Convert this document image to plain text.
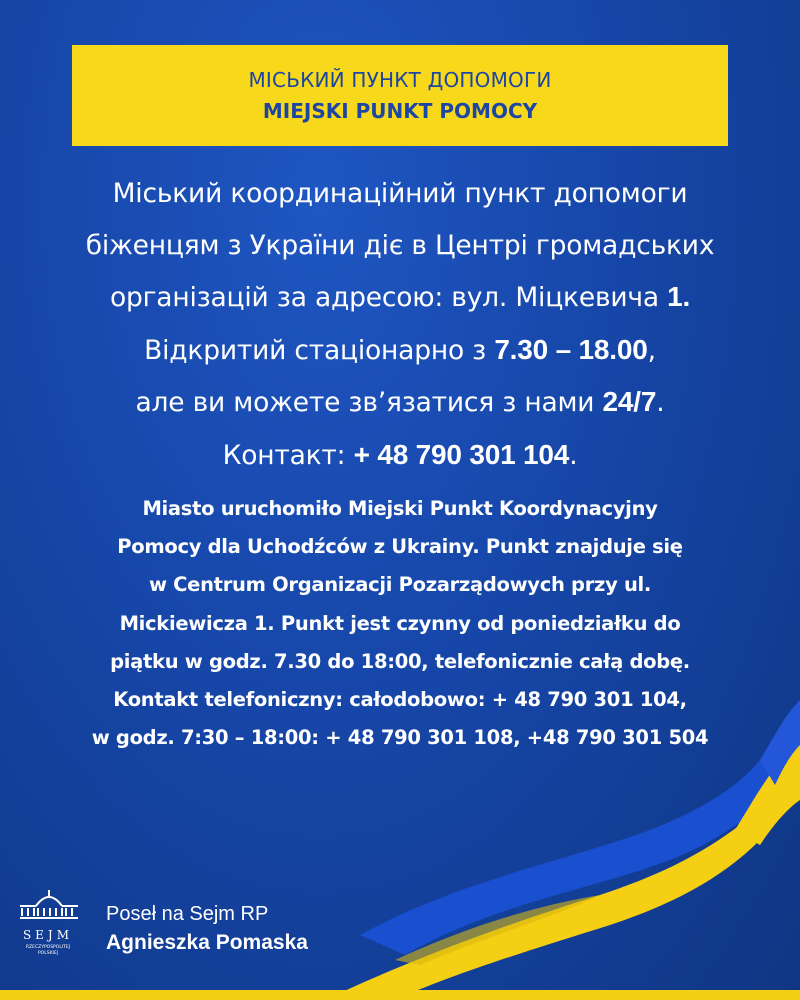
МІСЬКИЙ ПУНКТ ДОПОМОГИ
MIEJSKI PUNKT POMOCY
Міський координаційний пункт допомоги
біженцям з України діє в Центрі громадських
організацій за адресою: вул. Міцкевича 1.
Відкритий стаціонарно з 7.30 – 18.00,
але ви можете зв’язатися з нами 24/7.
Контакт: + 48 790 301 104.
Miasto uruchomiło Miejski Punkt Koordynacyjny
Pomocy dla Uchodźców z Ukrainy. Punkt znajduje się
w Centrum Organizacji Pozarządowych przy ul.
Mickiewicza 1. Punkt jest czynny od poniedziałku do
piątku w godz. 7.30 do 18:00, telefonicznie całą dobę.
Kontakt telefoniczny: całodobowo: + 48 790 301 104,
w godz. 7:30 – 18:00: + 48 790 301 108, +48 790 301 504
SEJM
RZECZYPOSPOLITEJ
POLSKIEJ
Poseł na Sejm RP
Agnieszka Pomaska
